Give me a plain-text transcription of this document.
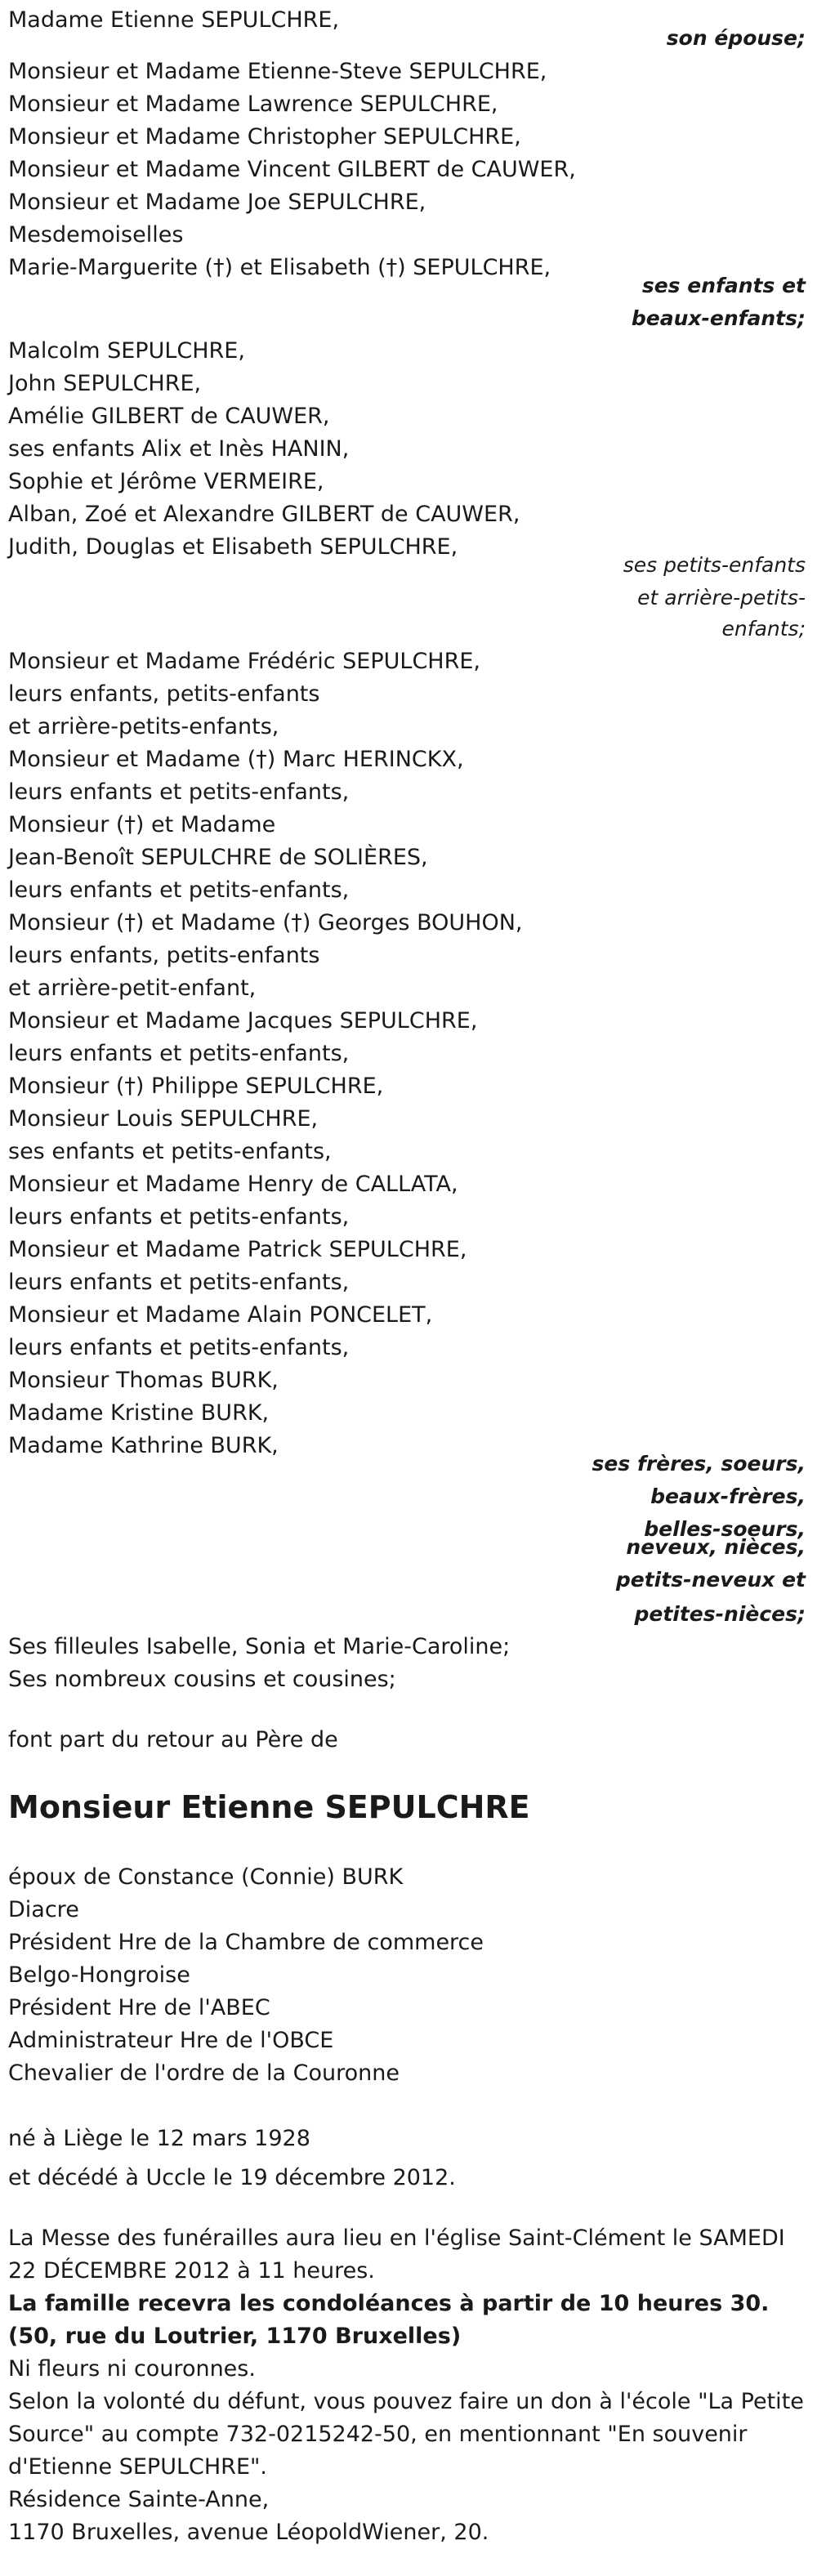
Madame Etienne SEPULCHRE,
son épouse;
Monsieur et Madame Etienne-Steve SEPULCHRE,
Monsieur et Madame Lawrence SEPULCHRE,
Monsieur et Madame Christopher SEPULCHRE,
Monsieur et Madame Vincent GILBERT de CAUWER,
Monsieur et Madame Joe SEPULCHRE,
Mesdemoiselles
Marie-Marguerite (†) et Elisabeth (†) SEPULCHRE,
ses enfants et
beaux-enfants;
Malcolm SEPULCHRE,
John SEPULCHRE,
Amélie GILBERT de CAUWER,
ses enfants Alix et Inès HANIN,
Sophie et Jérôme VERMEIRE,
Alban, Zoé et Alexandre GILBERT de CAUWER,
Judith, Douglas et Elisabeth SEPULCHRE,
ses petits-enfants
et arrière-petits-
enfants;
Monsieur et Madame Frédéric SEPULCHRE,
leurs enfants, petits-enfants
et arrière-petits-enfants,
Monsieur et Madame (†) Marc HERINCKX,
leurs enfants et petits-enfants,
Monsieur (†) et Madame
Jean-Benoît SEPULCHRE de SOLIÈRES,
leurs enfants et petits-enfants,
Monsieur (†) et Madame (†) Georges BOUHON,
leurs enfants, petits-enfants
et arrière-petit-enfant,
Monsieur et Madame Jacques SEPULCHRE,
leurs enfants et petits-enfants,
Monsieur (†) Philippe SEPULCHRE,
Monsieur Louis SEPULCHRE,
ses enfants et petits-enfants,
Monsieur et Madame Henry de CALLATA,
leurs enfants et petits-enfants,
Monsieur et Madame Patrick SEPULCHRE,
leurs enfants et petits-enfants,
Monsieur et Madame Alain PONCELET,
leurs enfants et petits-enfants,
Monsieur Thomas BURK,
Madame Kristine BURK,
Madame Kathrine BURK,
ses frères, soeurs,
beaux-frères,
belles-soeurs,
neveux, nièces,
petits-neveux et
petites-nièces;
Ses filleules Isabelle, Sonia et Marie-Caroline;
Ses nombreux cousins et cousines;
font part du retour au Père de
Monsieur Etienne SEPULCHRE
époux de Constance (Connie) BURK
Diacre
Président Hre de la Chambre de commerce
Belgo-Hongroise
Président Hre de l'ABEC
Administrateur Hre de l'OBCE
Chevalier de l'ordre de la Couronne
né à Liège le 12 mars 1928
et décédé à Uccle le 19 décembre 2012.
La Messe des funérailles aura lieu en l'église Saint-Clément le SAMEDI 22 DÉCEMBRE 2012 à 11 heures.
La famille recevra les condoléances à partir de 10 heures 30. (50, rue du Loutrier, 1170 Bruxelles)
Ni fleurs ni couronnes.
Selon la volonté du défunt, vous pouvez faire un don à l'école "La Petite Source" au compte 732-0215242-50, en mentionnant "En souvenir d'Etienne SEPULCHRE".
Résidence Sainte-Anne,
1170 Bruxelles, avenue LéopoldWiener, 20.
